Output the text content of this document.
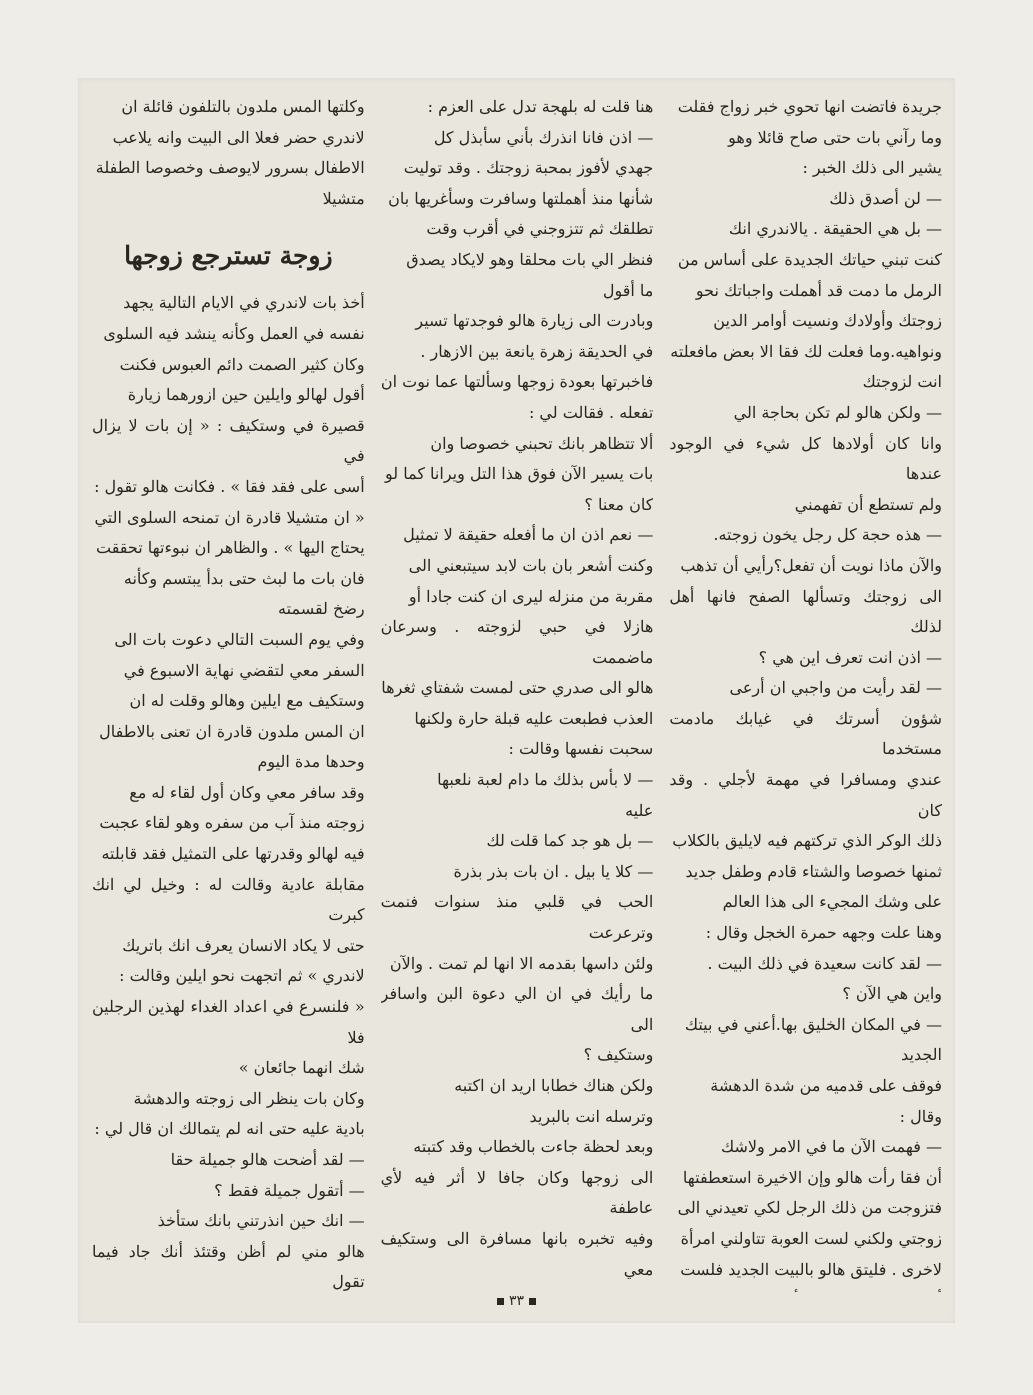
جريدة فاتضت انها تحوي خبر زواج فقلت

وما رآني بات حتى صاح قائلا وهو

يشير الى ذلك الخبر :

— لن أصدق ذلك

— بل هي الحقيقة . يالاندري انك

كنت تبني حياتك الجديدة على أساس من

الرمل ما دمت قد أهملت واجباتك نحو

زوجتك وأولادك ونسيت أوامر الدين

ونواهيه.وما فعلت لك فقا الا بعض مافعلته

انت لزوجتك

— ولكن هالو لم تكن بحاجة الي

وانا كان أولادها كل شيء في الوجود عندها

ولم تستطع أن تفهمني

— هذه حجة كل رجل يخون زوجته.

والآن ماذا نويت أن تفعل؟رأيي أن تذهب

الى زوجتك وتسألها الصفح فانها أهل لذلك

— اذن انت تعرف اين هي ؟

— لقد رأيت من واجبي ان أرعى

شؤون أسرتك في غيابك مادمت مستخدما

عندي ومسافرا في مهمة لأجلي . وقد كان

ذلك الوكر الذي تركتهم فيه لايليق بالكلاب

ثمنها خصوصا والشتاء قادم وطفل جديد

على وشك المجيء الى هذا العالم

وهنا علت وجهه حمرة الخجل وقال :

— لقد كانت سعيدة في ذلك البيت .

واين هي الآن ؟

— في المكان الخليق بها.أعني في بيتك

الجديد

فوقف على قدميه من شدة الدهشة

وقال :

— فهمت الآن ما في الامر ولاشك

أن فقا رأت هالو وإن الاخيرة استعطفتها

فتزوجت من ذلك الرجل لكي تعيدني الى

زوجتي ولكني لست العوبة تتاولني امرأة

لاخرى . فليتق هالو بالبيت الجديد فلست

هنا قلت له بلهجة تدل على العزم :

— اذن فانا انذرك بأني سأبذل كل

جهدي لأفوز بمحبة زوجتك . وقد توليت

شأنها منذ أهملتها وسافرت وسأغريها بان

تطلقك ثم تتزوجني في أقرب وقت

فنظر الي بات محلقا وهو لايكاد يصدق

ما أقول

وبادرت الى زيارة هالو فوجدتها تسير

في الحديقة زهرة يانعة بين الازهار .

فاخبرتها بعودة زوجها وسألتها عما نوت ان

تفعله . فقالت لي :

ألا تتظاهر بانك تحبني خصوصا وان

بات يسير الآن فوق هذا التل ويرانا كما لو

كان معنا ؟

— نعم اذن ان ما أفعله حقيقة لا تمثيل

وكنت أشعر بان بات لابد سيتبعني الى

مقربة من منزله ليرى ان كنت جادا أو

هازلا في حبي لزوجته . وسرعان ماضممت

هالو الى صدري حتى لمست شفتاي ثغرها

العذب فطبعت عليه قبلة حارة ولكنها

سحبت نفسها وقالت :

— لا بأس بذلك ما دام لعبة نلعبها

عليه

— بل هو جد كما قلت لك

— كلا يا بيل . ان بات بذر بذرة

الحب في قلبي منذ سنوات فنمت وترعرعت

ولئن داسها بقدمه الا انها لم تمت . والآن

ما رأيك في ان الي دعوة البن واسافر الى

وستكيف ؟

ولكن هناك خطابا اريد ان اكتبه

وترسله انت بالبريد

وبعد لحظة جاءت بالخطاب وقد كتبته

الى زوجها وكان جافا لا أثر فيه لأي عاطفة

وفيه تخبره بانها مسافرة الى وستكيف معي

وكلتها المس ملدون بالتلفون قائلة ان

لاندري حضر فعلا الى البيت وانه يلاعب

الاطفال بسرور لايوصف وخصوصا الطفلة

متشيلا

زوجة تسترجع زوجها

أخذ بات لاندري في الايام التالية يجهد

نفسه في العمل وكأنه ينشد فيه السلوى

وكان كثير الصمت دائم العبوس فكنت

أقول لهالو وايلين حين ازورهما زيارة

قصيرة في وستكيف : « إن بات لا يزال في

أسى على فقد فقا » . فكانت هالو تقول :

« ان متشيلا قادرة ان تمنحه السلوى التي

يحتاج اليها » . والظاهر ان نبوءتها تحققت

فان بات ما لبث حتى بدأ يبتسم وكأنه

رضخ لقسمته

وفي يوم السبت التالي دعوت بات الى

السفر معي لتقضي نهاية الاسبوع في

وستكيف مع ايلين وهالو وقلت له ان

ان المس ملدون قادرة ان تعنى بالاطفال

وحدها مدة اليوم

وقد سافر معي وكان أول لقاء له مع

زوجته منذ آب من سفره وهو لقاء عجبت

فيه لهالو وقدرتها على التمثيل فقد قابلته

مقابلة عادية وقالت له : وخيل لي انك كبرت

حتى لا يكاد الانسان يعرف انك باتريك

لاندري » ثم اتجهت نحو ايلين وقالت :

« فلنسرع في اعداد الغداء لهذين الرجلين فلا

شك انهما جائعان »

وكان بات ينظر الى زوجته والدهشة

بادية عليه حتى انه لم يتمالك ان قال لي :

— لقد أضحت هالو جميلة حقا

— أتقول جميلة فقط ؟

— انك حين انذرتني بانك ستأخذ

هالو مني لم أظن وقتئذ أنك جاد فيما تقول

٣٣
